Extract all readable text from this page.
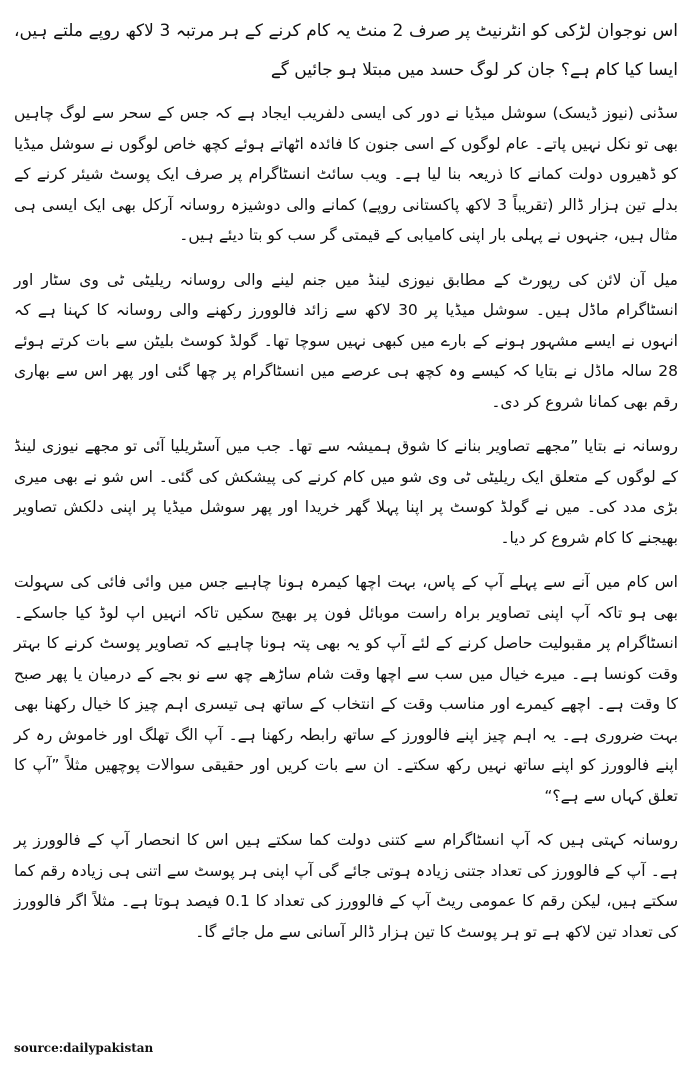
اس نوجوان لڑکی کو انٹرنیٹ پر صرف 2 منٹ یہ کام کرنے کے ہر مرتبہ 3 لاکھ روپے ملتے ہیں، ایسا کیا کام ہے؟ جان کر لوگ حسد میں مبتلا ہو جائیں گے

سڈنی (نیوز ڈیسک) سوشل میڈیا نے دور کی ایسی دلفریب ایجاد ہے کہ جس کے سحر سے لوگ چاہیں بھی تو نکل نہیں پاتے۔ عام لوگوں کے اسی جنون کا فائدہ اٹھاتے ہوئے کچھ خاص لوگوں نے سوشل میڈیا کو ڈھیروں دولت کمانے کا ذریعہ بنا لیا ہے۔ ویب سائٹ انسٹاگرام پر صرف ایک پوسٹ شیئر کرنے کے بدلے تین ہزار ڈالر (تقریباً 3 لاکھ پاکستانی روپے) کمانے والی دوشیزہ روسانہ آرکل بھی ایک ایسی ہی مثال ہیں، جنہوں نے پہلی بار اپنی کامیابی کے قیمتی گر سب کو بتا دیئے ہیں۔

میل آن لائن کی رپورٹ کے مطابق نیوزی لینڈ میں جنم لینے والی روسانہ ریلیٹی ٹی وی سٹار اور انسٹاگرام ماڈل ہیں۔ سوشل میڈیا پر 30 لاکھ سے زائد فالوورز رکھنے والی روسانہ کا کہنا ہے کہ انہوں نے ایسے مشہور ہونے کے بارے میں کبھی نہیں سوچا تھا۔ گولڈ کوسٹ بلیٹن سے بات کرتے ہوئے 28 سالہ ماڈل نے بتایا کہ کیسے وہ کچھ ہی عرصے میں انسٹاگرام پر چھا گئی اور پھر اس سے بھاری رقم بھی کمانا شروع کر دی۔

روسانہ نے بتایا ”مجھے تصاویر بنانے کا شوق ہمیشہ سے تھا۔ جب میں آسٹریلیا آئی تو مجھے نیوزی لینڈ کے لوگوں کے متعلق ایک ریلیٹی ٹی وی شو میں کام کرنے کی پیشکش کی گئی۔ اس شو نے بھی میری بڑی مدد کی۔ میں نے گولڈ کوسٹ پر اپنا پہلا گھر خریدا اور پھر سوشل میڈیا پر اپنی دلکش تصاویر بھیجنے کا کام شروع کر دیا۔

اس کام میں آنے سے پہلے آپ کے پاس، بہت اچھا کیمرہ ہونا چاہیے جس میں وائی فائی کی سہولت بھی ہو تاکہ آپ اپنی تصاویر براہ راست موبائل فون پر بھیج سکیں تاکہ انہیں اپ لوڈ کیا جاسکے۔ انسٹاگرام پر مقبولیت حاصل کرنے کے لئے آپ کو یہ بھی پتہ ہونا چاہیے کہ تصاویر پوسٹ کرنے کا بہتر وقت کونسا ہے۔ میرے خیال میں سب سے اچھا وقت شام ساڑھے چھ سے نو بجے کے درمیان یا پھر صبح کا وقت ہے۔ اچھے کیمرے اور مناسب وقت کے انتخاب کے ساتھ ہی تیسری اہم چیز کا خیال رکھنا بھی بہت ضروری ہے۔ یہ اہم چیز اپنے فالوورز کے ساتھ رابطہ رکھنا ہے۔ آپ الگ تھلگ اور خاموش رہ کر اپنے فالوورز کو اپنے ساتھ نہیں رکھ سکتے۔ ان سے بات کریں اور حقیقی سوالات پوچھیں مثلاً ”آپ کا تعلق کہاں سے ہے؟“

روسانہ کہتی ہیں کہ آپ انسٹاگرام سے کتنی دولت کما سکتے ہیں اس کا انحصار آپ کے فالوورز پر ہے۔ آپ کے فالوورز کی تعداد جتنی زیادہ ہوتی جائے گی آپ اپنی ہر پوسٹ سے اتنی ہی زیادہ رقم کما سکتے ہیں، لیکن رقم کا عمومی ریٹ آپ کے فالوورز کی تعداد کا 0.1 فیصد ہوتا ہے۔ مثلاً اگر فالوورز کی تعداد تین لاکھ ہے تو ہر پوسٹ کا تین ہزار ڈالر آسانی سے مل جائے گا۔

source:dailypakistan
